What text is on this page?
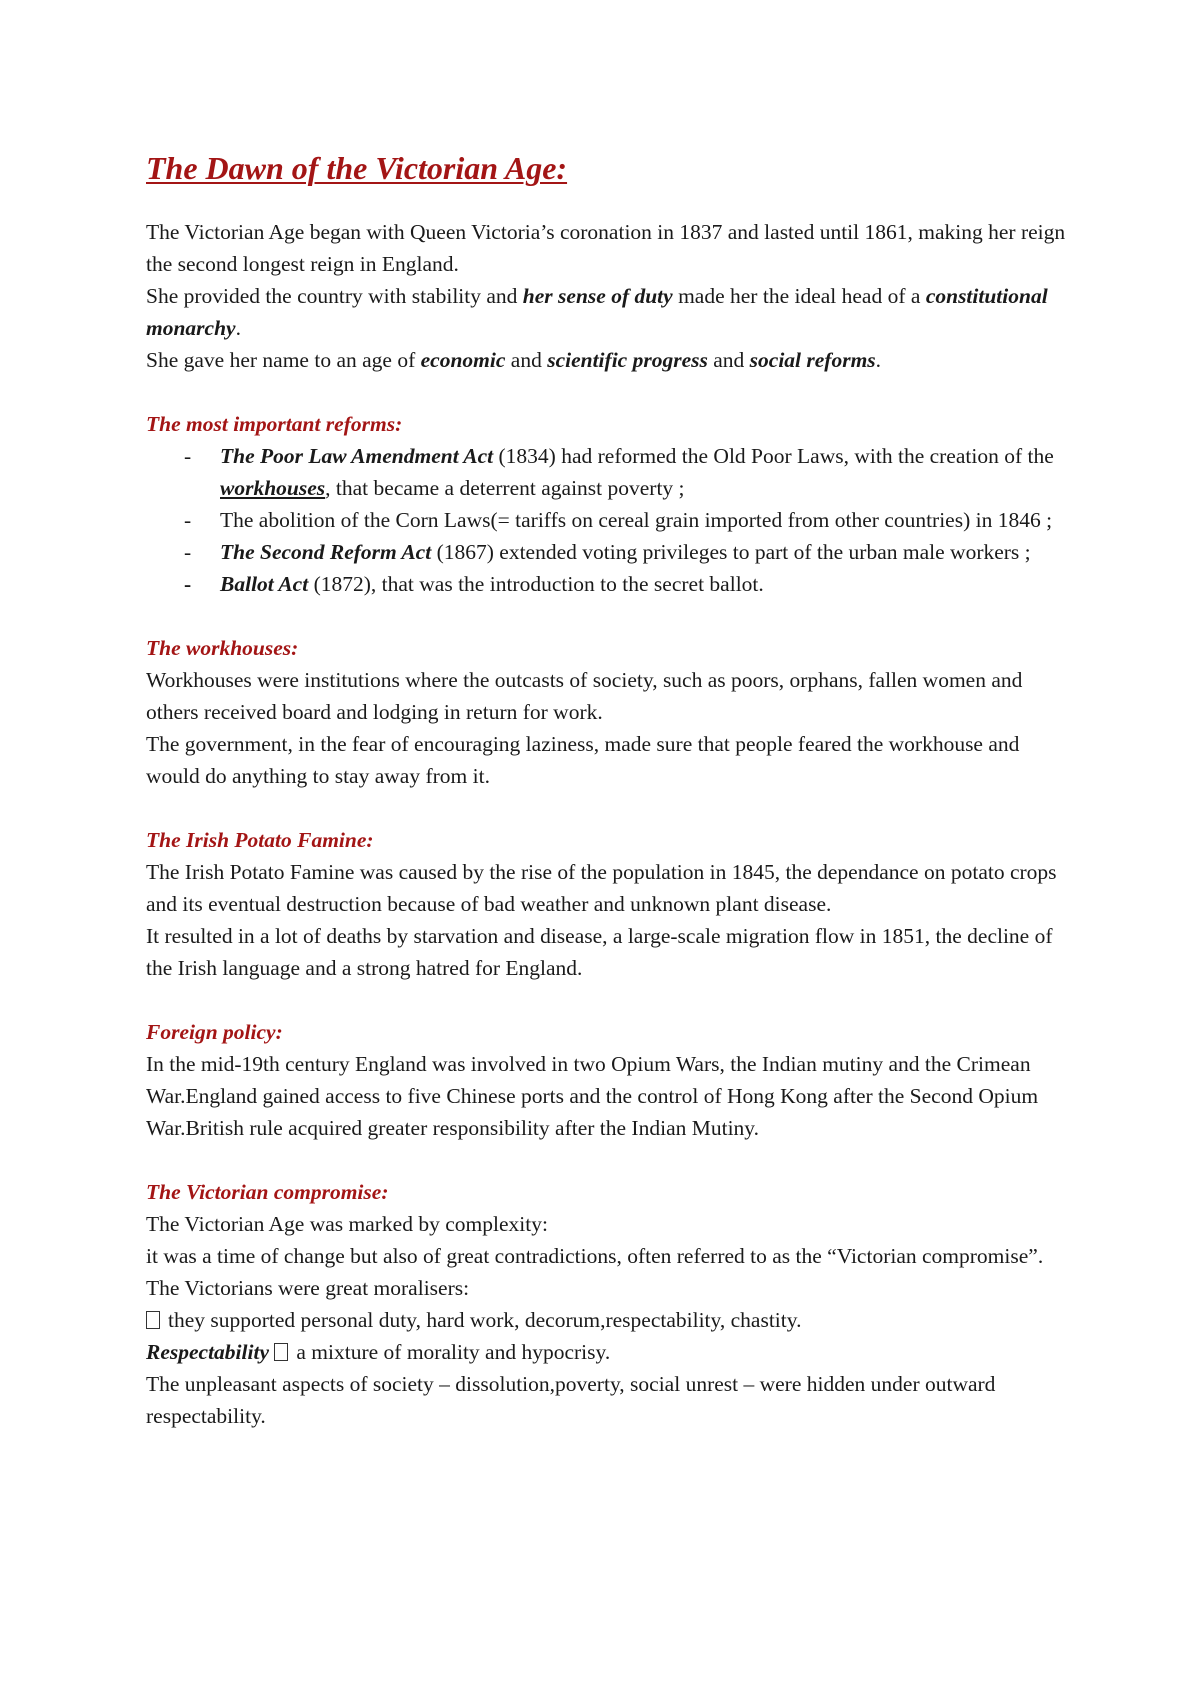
The Dawn of the Victorian Age:

The Victorian Age began with Queen Victoria’s coronation in 1837 and lasted until 1861, making her reign the second longest reign in England.

She provided the country with stability and her sense of duty made her the ideal head of a constitutional monarchy.

She gave her name to an age of economic and scientific progress and social reforms.

The most important reforms:

- The Poor Law Amendment Act (1834) had reformed the Old Poor Laws, with the creation of the workhouses, that became a deterrent against poverty ;
- The abolition of the Corn Laws(= tariffs on cereal grain imported from other countries) in 1846 ;
- The Second Reform Act (1867) extended voting privileges to part of the urban male workers ;
- Ballot Act (1872), that was the introduction to the secret ballot.

The workhouses:

Workhouses were institutions where the outcasts of society, such as poors, orphans, fallen women and others received board and lodging in return for work.

The government, in the fear of encouraging laziness, made sure that people feared the workhouse and would do anything to stay away from it.

The Irish Potato Famine:

The Irish Potato Famine was caused by the rise of the population in 1845, the dependance on potato crops and its eventual destruction because of bad weather and unknown plant disease.

It resulted in a lot of deaths by starvation and disease, a large-scale migration flow in 1851, the decline of the Irish language and a strong hatred for England.

Foreign policy:

In the mid-19th century England was involved in two Opium Wars, the Indian mutiny and the Crimean War.England gained access to five Chinese ports and the control of Hong Kong after the Second Opium War.British rule acquired greater responsibility after the Indian Mutiny.

The Victorian compromise:

The Victorian Age was marked by complexity:

it was a time of change but also of great contradictions, often referred to as the “Victorian compromise”.

The Victorians were great moralisers:

they supported personal duty, hard work, decorum,respectability, chastity.

Respectability a mixture of morality and hypocrisy.

The unpleasant aspects of society – dissolution,poverty, social unrest – were hidden under outward respectability.
